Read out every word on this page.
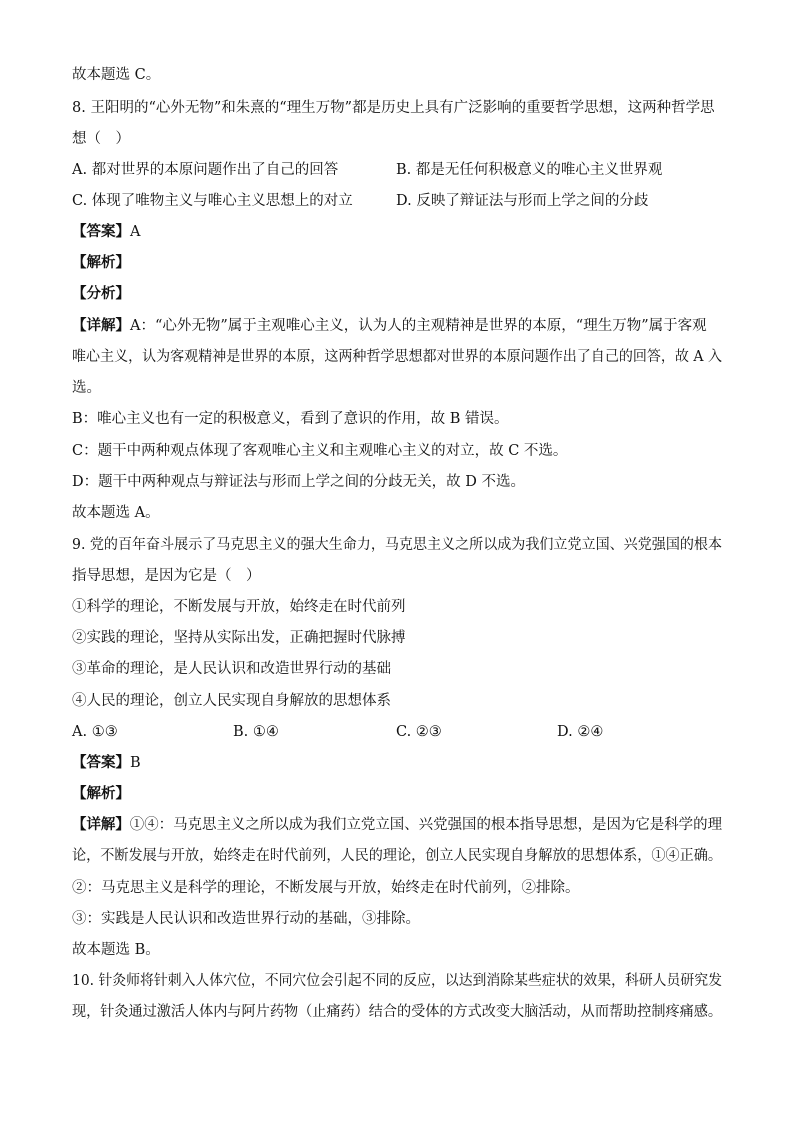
故本题选 C。
8. 王阳明的“心外无物”和朱熹的“理生万物”都是历史上具有广泛影响的重要哲学思想，这两种哲学思
想（　）
A. 都对世界的本原问题作出了自己的回答	B. 都是无任何积极意义的唯心主义世界观
C. 体现了唯物主义与唯心主义思想上的对立	D. 反映了辩证法与形而上学之间的分歧
【答案】A
【解析】
【分析】
【详解】A：“心外无物”属于主观唯心主义，认为人的主观精神是世界的本原，“理生万物”属于客观
唯心主义，认为客观精神是世界的本原，这两种哲学思想都对世界的本原问题作出了自己的回答，故 A 入
选。
B：唯心主义也有一定的积极意义，看到了意识的作用，故 B 错误。
C：题干中两种观点体现了客观唯心主义和主观唯心主义的对立，故 C 不选。
D：题干中两种观点与辩证法与形而上学之间的分歧无关，故 D 不选。
故本题选 A。
9. 党的百年奋斗展示了马克思主义的强大生命力，马克思主义之所以成为我们立党立国、兴党强国的根本
指导思想，是因为它是（　）
①科学的理论，不断发展与开放，始终走在时代前列
②实践的理论，坚持从实际出发，正确把握时代脉搏
③革命的理论，是人民认识和改造世界行动的基础
④人民的理论，创立人民实现自身解放的思想体系
A. ①③	B. ①④	C. ②③	D. ②④
【答案】B
【解析】
【详解】①④：马克思主义之所以成为我们立党立国、兴党强国的根本指导思想，是因为它是科学的理
论，不断发展与开放，始终走在时代前列，人民的理论，创立人民实现自身解放的思想体系，①④正确。
②：马克思主义是科学的理论，不断发展与开放，始终走在时代前列，②排除。
③：实践是人民认识和改造世界行动的基础，③排除。
故本题选 B。
10. 针灸师将针刺入人体穴位，不同穴位会引起不同的反应，以达到消除某些症状的效果，科研人员研究发
现，针灸通过激活人体内与阿片药物（止痛药）结合的受体的方式改变大脑活动，从而帮助控制疼痛感。
